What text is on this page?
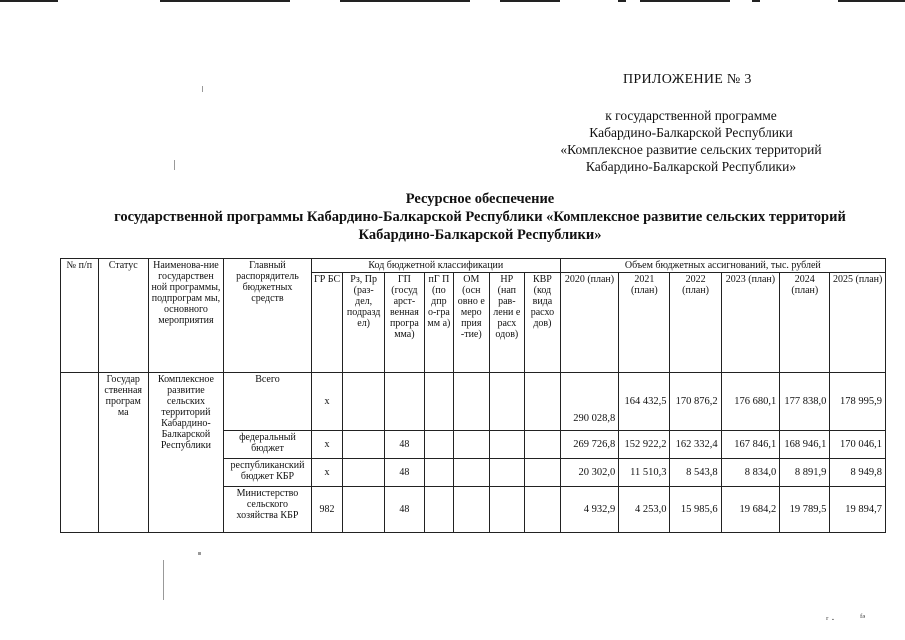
ПРИЛОЖЕНИЕ № 3
к государственной программе
Кабардино-Балкарской Республики
«Комплексное развитие сельских территорий
Кабардино-Балкарской Республики»
Ресурсное обеспечение
государственной программы Кабардино-Балкарской Республики «Комплексное развитие сельских территорий
Кабардино-Балкарской Республики»
№ п/п	Статус	Наименова-ние государствен ной программы, подпрограм мы, основного мероприятия	Главный распорядитель бюджетных средств	Код бюджетной классификации							Объем бюджетных ассигнований, тыс. рублей					
				ГР БС	Рз, Пр (раз-дел, подразд ел)	ГП (госуд арст-венная програ мма)	пГ П (по дпр о-гра мм а)	ОМ (осн овно е меро прия -тие)	НР (нап рав-лени е расх одов)	КВР (код вида расхо дов)	2020 (план)	2021 (план)	2022 (план)	2023 (план)	2024 (план)	2025 (план)
	Государ ственная програм ма	Комплексное развитие сельских территорий Кабардино-Балкарской Республики	Всего	х							290 028,8	164 432,5	170 876,2	176 680,1	177 838,0	178 995,9
			федеральный бюджет	х		48					269 726,8	152 922,2	162 332,4	167 846,1	168 946,1	170 046,1
			республиканский бюджет КБР	х		48					20 302,0	11 510,3	8 543,8	8 834,0	8 891,9	8 949,8
			Министерство сельского хозяйства КБР	982		48					4 932,9	4 253,0	15 985,6	19 684,2	19 789,5	19 894,7
ʳ · ᶠᵊ
